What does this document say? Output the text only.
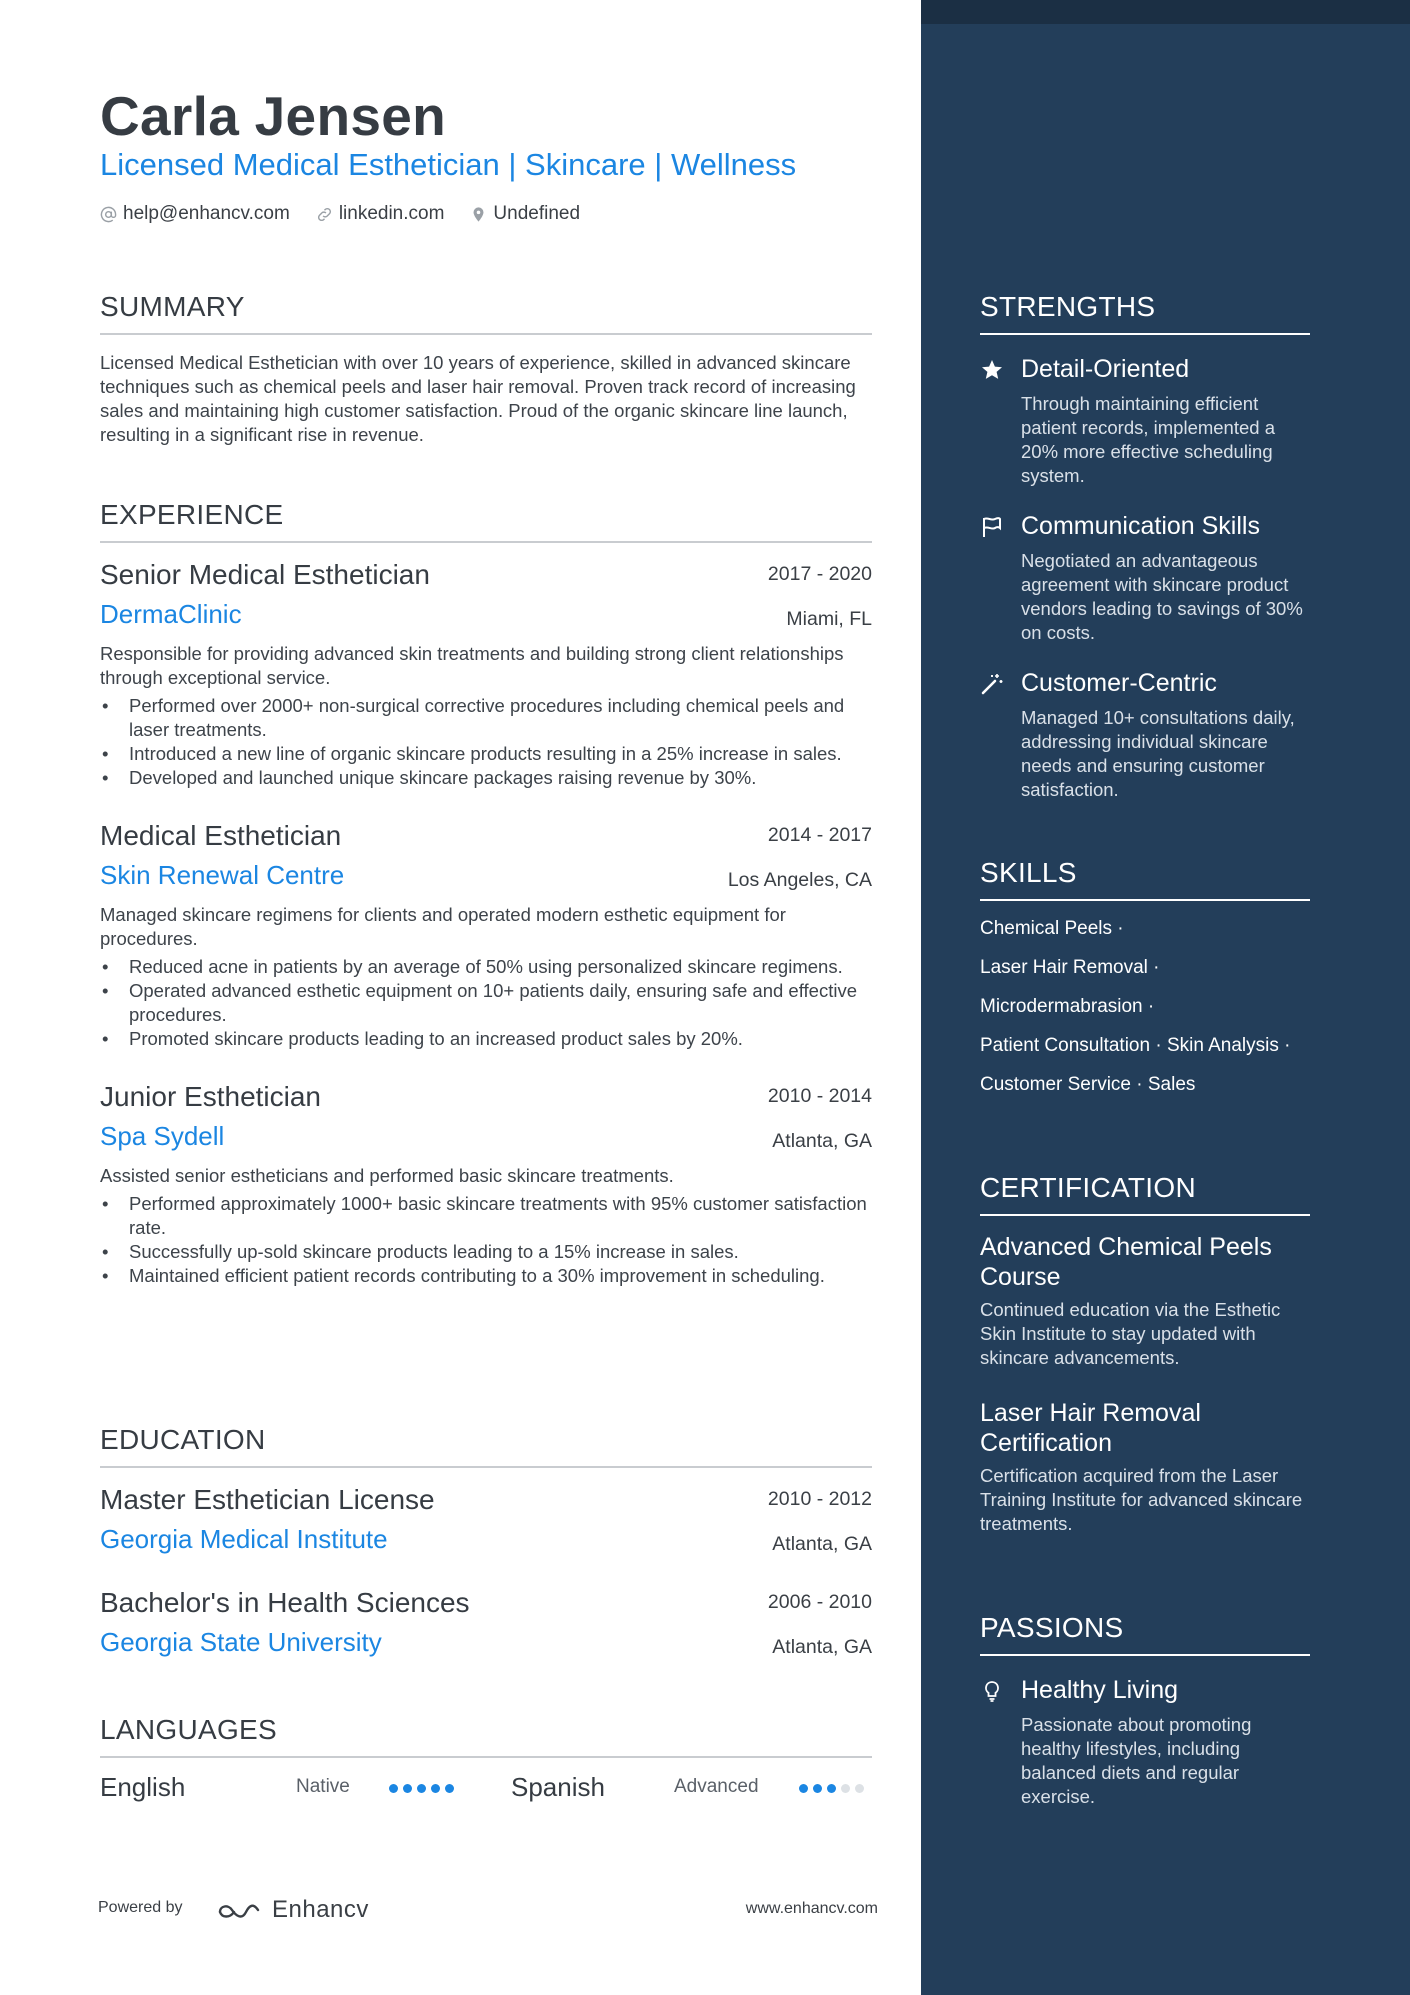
Carla Jensen
Licensed Medical Esthetician | Skincare | Wellness
help@enhancv.com	linkedin.com	Undefined
SUMMARY
Licensed Medical Esthetician with over 10 years of experience, skilled in advanced skincare techniques such as chemical peels and laser hair removal. Proven track record of increasing sales and maintaining high customer satisfaction. Proud of the organic skincare line launch, resulting in a significant rise in revenue.
EXPERIENCE
Senior Medical Esthetician	2017 - 2020
DermaClinic	Miami, FL
Responsible for providing advanced skin treatments and building strong client relationships through exceptional service.
• Performed over 2000+ non-surgical corrective procedures including chemical peels and laser treatments.
• Introduced a new line of organic skincare products resulting in a 25% increase in sales.
• Developed and launched unique skincare packages raising revenue by 30%.
Medical Esthetician	2014 - 2017
Skin Renewal Centre	Los Angeles, CA
Managed skincare regimens for clients and operated modern esthetic equipment for procedures.
• Reduced acne in patients by an average of 50% using personalized skincare regimens.
• Operated advanced esthetic equipment on 10+ patients daily, ensuring safe and effective procedures.
• Promoted skincare products leading to an increased product sales by 20%.
Junior Esthetician	2010 - 2014
Spa Sydell	Atlanta, GA
Assisted senior estheticians and performed basic skincare treatments.
• Performed approximately 1000+ basic skincare treatments with 95% customer satisfaction rate.
• Successfully up-sold skincare products leading to a 15% increase in sales.
• Maintained efficient patient records contributing to a 30% improvement in scheduling.
EDUCATION
Master Esthetician License	2010 - 2012
Georgia Medical Institute	Atlanta, GA
Bachelor's in Health Sciences	2006 - 2010
Georgia State University	Atlanta, GA
LANGUAGES
English	Native	Spanish	Advanced
Powered by	Enhancv	www.enhancv.com
STRENGTHS
Detail-Oriented
Through maintaining efficient patient records, implemented a 20% more effective scheduling system.
Communication Skills
Negotiated an advantageous agreement with skincare product vendors leading to savings of 30% on costs.
Customer-Centric
Managed 10+ consultations daily, addressing individual skincare needs and ensuring customer satisfaction.
SKILLS
Chemical Peels ·
Laser Hair Removal ·
Microdermabrasion ·
Patient Consultation · Skin Analysis ·
Customer Service · Sales
CERTIFICATION
Advanced Chemical Peels Course
Continued education via the Esthetic Skin Institute to stay updated with skincare advancements.
Laser Hair Removal Certification
Certification acquired from the Laser Training Institute for advanced skincare treatments.
PASSIONS
Healthy Living
Passionate about promoting healthy lifestyles, including balanced diets and regular exercise.
